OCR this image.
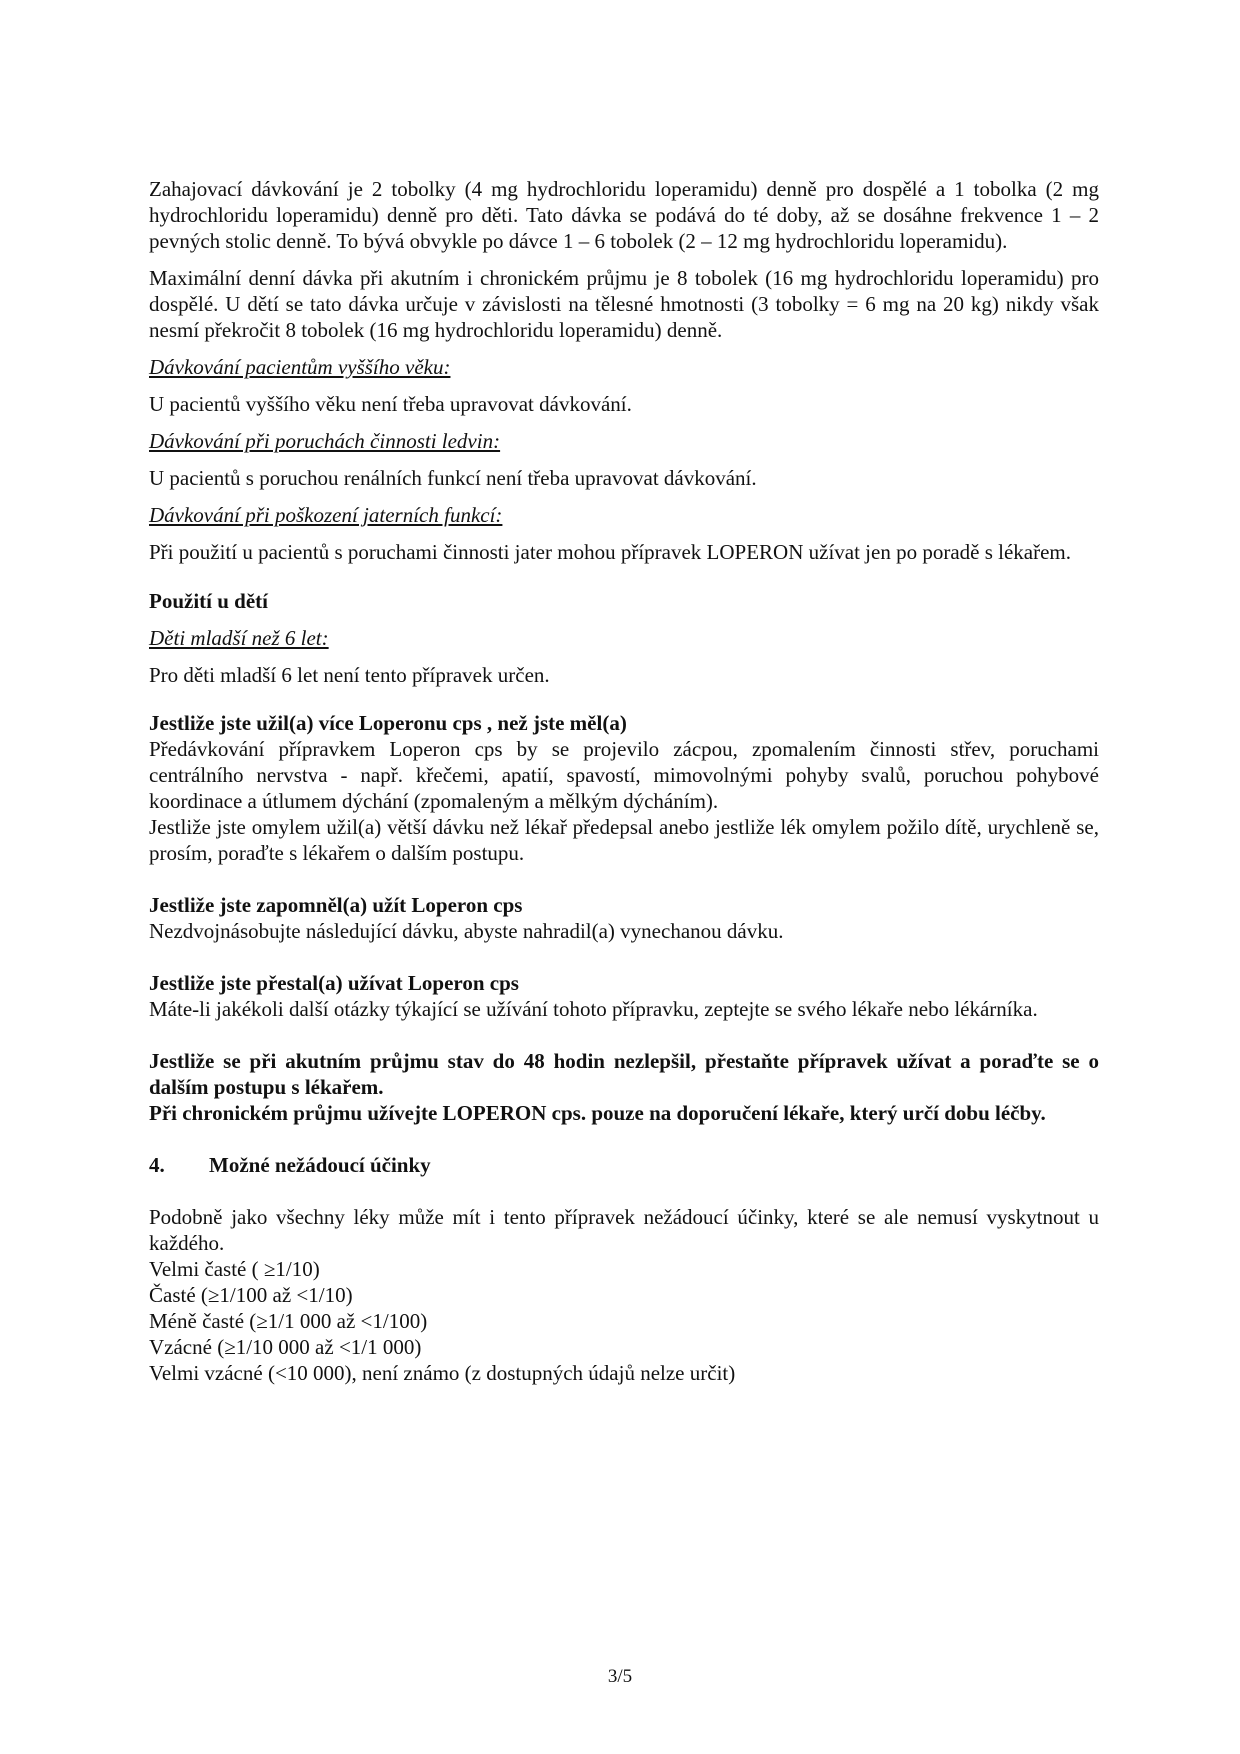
Zahajovací dávkování je 2 tobolky (4 mg hydrochloridu loperamidu) denně pro dospělé a 1 tobolka (2 mg hydrochloridu loperamidu) denně pro děti. Tato dávka se podává do té doby, až se dosáhne frekvence 1 – 2 pevných stolic denně. To bývá obvykle po dávce 1 – 6 tobolek (2 – 12 mg hydrochloridu loperamidu).

Maximální denní dávka při akutním i chronickém průjmu je 8 tobolek (16 mg hydrochloridu loperamidu) pro dospělé. U dětí se tato dávka určuje v závislosti na tělesné hmotnosti (3 tobolky = 6 mg na 20 kg) nikdy však nesmí překročit 8 tobolek (16 mg hydrochloridu loperamidu) denně.

Dávkování pacientům vyššího věku:

U pacientů vyššího věku není třeba upravovat dávkování.

Dávkování při poruchách činnosti ledvin:

U pacientů s poruchou renálních funkcí není třeba upravovat dávkování.

Dávkování při poškození jaterních funkcí:

Při použití u pacientů s poruchami činnosti jater mohou přípravek LOPERON užívat jen po poradě s lékařem.

Použití u dětí

Děti mladší než 6 let:

Pro děti mladší 6 let není tento přípravek určen.

Jestliže jste užil(a) více Loperonu cps , než jste měl(a)

Předávkování přípravkem Loperon cps by se projevilo zácpou, zpomalením činnosti střev, poruchami centrálního nervstva - např. křečemi, apatií, spavostí, mimovolnými pohyby svalů, poruchou pohybové koordinace a útlumem dýchání (zpomaleným a mělkým dýcháním).

Jestliže jste omylem užil(a) větší dávku než lékař předepsal anebo jestliže lék omylem požilo dítě, urychleně se, prosím, poraďte s lékařem o dalším postupu.

Jestliže jste zapomněl(a) užít Loperon cps

Nezdvojnásobujte následující dávku, abyste nahradil(a) vynechanou dávku.

Jestliže jste přestal(a) užívat Loperon cps

Máte-li jakékoli další otázky týkající se užívání tohoto přípravku, zeptejte se svého lékaře nebo lékárníka.

Jestliže se při akutním průjmu stav do 48 hodin nezlepšil, přestaňte přípravek užívat a poraďte se o dalším postupu s lékařem.

Při chronickém průjmu užívejte LOPERON cps. pouze na doporučení lékaře, který určí dobu léčby.

4.	Možné nežádoucí účinky

Podobně jako všechny léky může mít i tento přípravek nežádoucí účinky, které se ale nemusí vyskytnout u každého.

Velmi časté ( ≥1/10)

Časté (≥1/100 až <1/10)

Méně časté (≥1/1 000 až <1/100)

Vzácné (≥1/10 000 až <1/1 000)

Velmi vzácné (<10 000), není známo (z dostupných údajů nelze určit)

3/5
